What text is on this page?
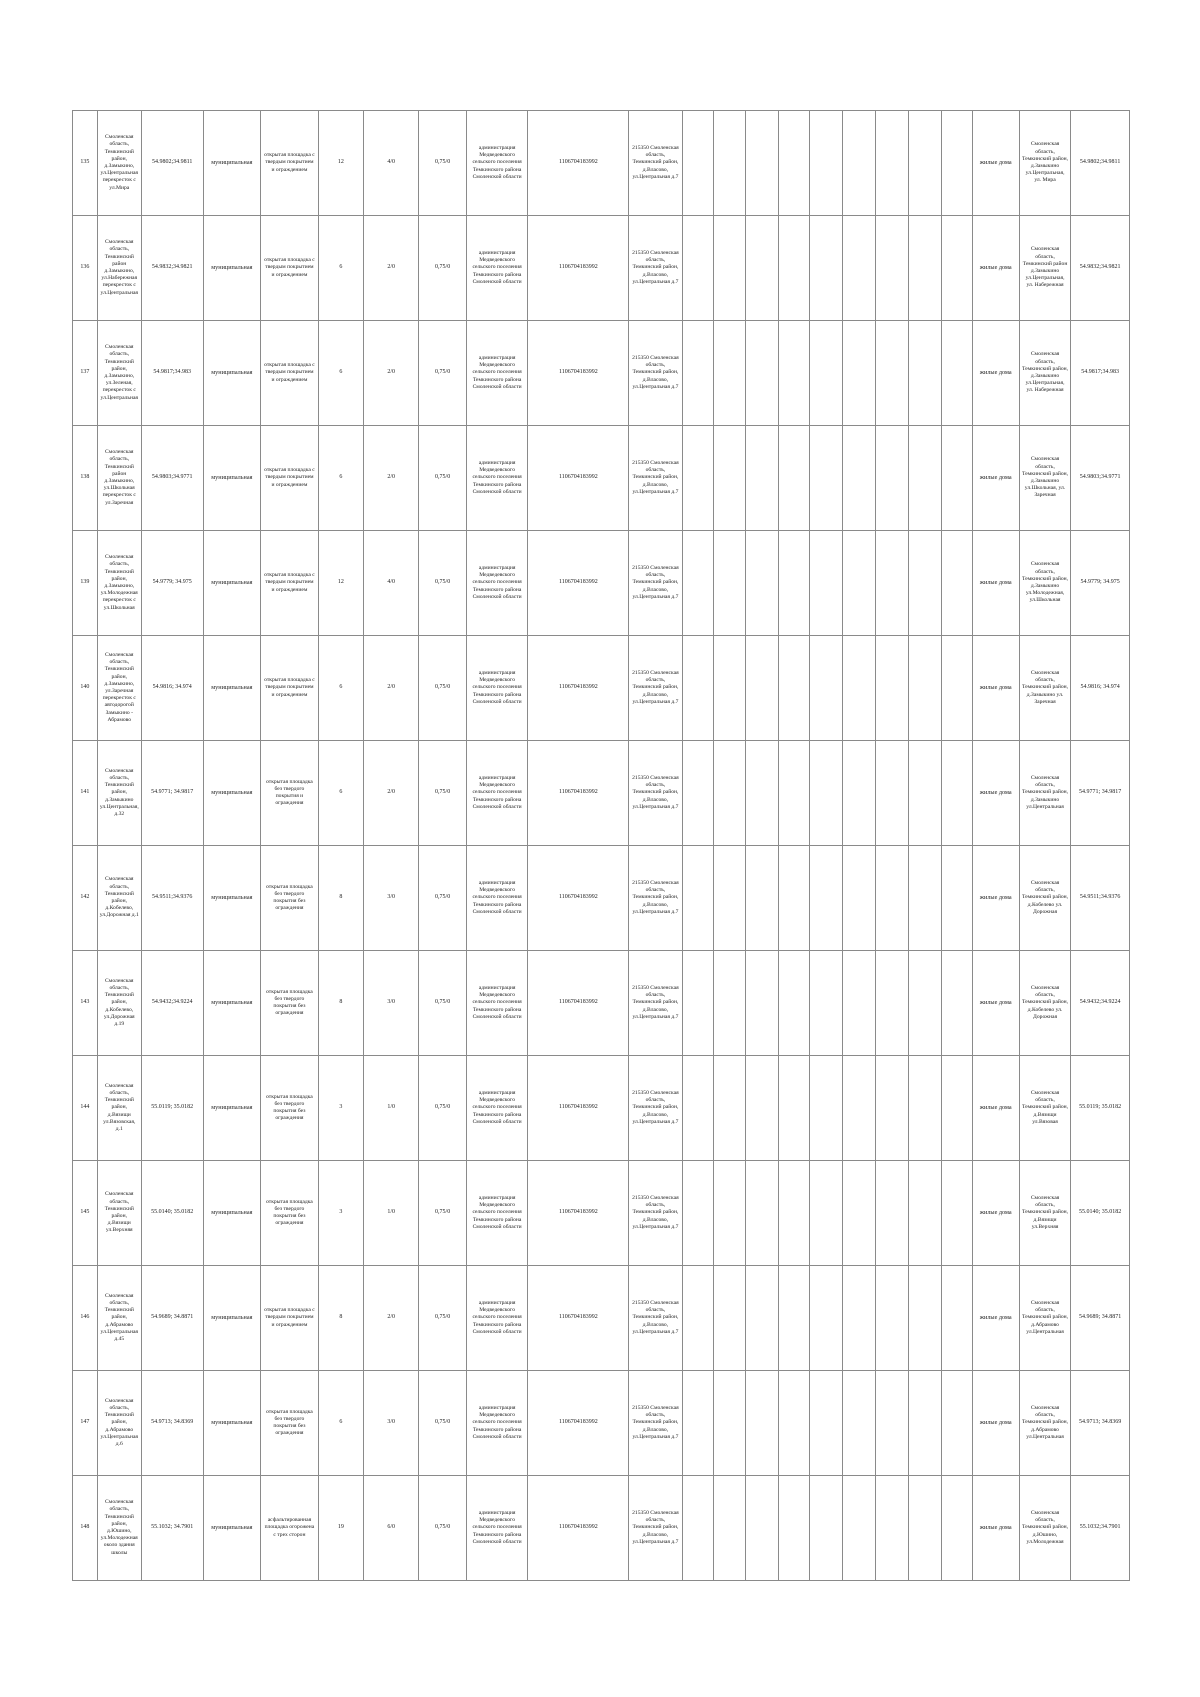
135	Смоленская область, Темкинский район, д.Замыкино, ул.Центральная перекресток с ул.Мира	54.9802;34.9811	муниципальная	открытая площадка с твердым покрытием и ограждением	12	4/0	0,75/0	администрация Медведевского сельского поселения Темкинского района Смоленской области	1106704183992	215350 Смоленская область, Темкинский район, д.Власово, ул.Центральная д.7										жилые дома	Смоленская область, Темкинский район, д.Замыкино ул.Центральная, ул. Мира	54.9802;34.9811
136	Смоленская область, Темкинский район д.Замыкино, ул.Набережная перекресток с ул.Центральная	54.9832;34.9821	муниципальная	открытая площадка с твердым покрытием и ограждением	6	2/0	0,75/0	администрация Медведевского сельского поселения Темкинского района Смоленской области	1106704183992	215350 Смоленская область, Темкинский район, д.Власово, ул.Центральная д.7										жилые дома	Смоленская область, Темкинский район д.Замыкино ул.Центральная, ул. Набережная	54.9832;34.9821
137	Смоленская область, Темкинский район, д.Замыкино, ул.Зеленая, перекресток с ул.Центральная	54.9817;34.983	муниципальная	открытая площадка с твердым покрытием и ограждением	6	2/0	0,75/0	администрация Медведевского сельского поселения Темкинского района Смоленской области	1106704183992	215350 Смоленская область, Темкинский район, д.Власово, ул.Центральная д.7										жилые дома	Смоленская область, Темкинский район, д.Замыкино ул.Центральная, ул. Набережная	54.9817;34.983
138	Смоленская область, Темкинский район д.Замыкино, ул.Школьная перекресток с ул.Заречная	54.9803;34.9771	муниципальная	открытая площадка с твердым покрытием и ограждением	6	2/0	0,75/0	администрация Медведевского сельского поселения Темкинского района Смоленской области	1106704183992	215350 Смоленская область, Темкинский район, д.Власово, ул.Центральная д.7										жилые дома	Смоленская область, Темкинский район, д.Замыкино ул.Школьная, ул. Заречная	54.9803;34.9771
139	Смоленская область, Темкинский район, д.Замыкино, ул.Молодежная перекресток с ул.Школьная	54.9779; 34.975	муниципальная	открытая площадка с твердым покрытием и ограждением	12	4/0	0,75/0	администрация Медведевского сельского поселения Темкинского района Смоленской области	1106704183992	215350 Смоленская область, Темкинский район, д.Власово, ул.Центральная д.7										жилые дома	Смоленская область, Темкинский район, д.Замыкино ул.Молодежная, ул.Школьная	54.9779; 34.975
140	Смоленская область, Темкинский район, д.Замыкино, ул.Заречная перекресток с автодорогой Замыкино - Абрамово	54.9816; 34.974	муниципальная	открытая площадка с твердым покрытием и ограждением	6	2/0	0,75/0	администрация Медведевского сельского поселения Темкинского района Смоленской области	1106704183992	215350 Смоленская область, Темкинский район, д.Власово, ул.Центральная д.7										жилые дома	Смоленская область, Темкинский район, д.Замыкино ул. Заречная	54.9816; 34.974
141	Смоленская область, Темкинский район, д.Замыкино ул.Центральная, д.32	54.9771; 34.9817	муниципальная	открытая площадка без твердого покрытия и ограждения	6	2/0	0,75/0	администрация Медведевского сельского поселения Темкинского района Смоленской области	1106704183992	215350 Смоленская область, Темкинский район, д.Власово, ул.Центральная д.7										жилые дома	Смоленская область, Темкинский район, д.Замыкино ул.Центральная	54.9771; 34.9817
142	Смоленская область, Темкинский район, д.Кобелево, ул.Дорожная д.1	54.9511;34.9376	муниципальная	открытая площадка без твердого покрытия без ограждения	8	3/0	0,75/0	администрация Медведевского сельского поселения Темкинского района Смоленской области	1106704183992	215350 Смоленская область, Темкинский район, д.Власово, ул.Центральная д.7										жилые дома	Смоленская область, Темкинский район, д.Кобелево ул. Дорожная	54.9511;34.9376
143	Смоленская область, Темкинский район, д.Кобелево, ул.Дорожная д.19	54.9432;34.9224	муниципальная	открытая площадка без твердого покрытия без ограждения	8	3/0	0,75/0	администрация Медведевского сельского поселения Темкинского района Смоленской области	1106704183992	215350 Смоленская область, Темкинский район, д.Власово, ул.Центральная д.7										жилые дома	Смоленская область, Темкинский район, д.Кобелево ул. Дорожная	54.9432;34.9224
144	Смоленская область, Темкинский район, д.Вязищи ул.Вязовская, д.1	55.0119; 35.0182	муниципальная	открытая площадка без твердого покрытия без ограждения	3	1/0	0,75/0	администрация Медведевского сельского поселения Темкинского района Смоленской области	1106704183992	215350 Смоленская область, Темкинский район, д.Власово, ул.Центральная д.7										жилые дома	Смоленская область, Темкинский район, д.Вязищи ул.Вязовая	55.0119; 35.0182
145	Смоленская область, Темкинский район, д.Вязищи ул.Верхняя	55.0140; 35.0182	муниципальная	открытая площадка без твердого покрытия без ограждения	3	1/0	0,75/0	администрация Медведевского сельского поселения Темкинского района Смоленской области	1106704183992	215350 Смоленская область, Темкинский район, д.Власово, ул.Центральная д.7										жилые дома	Смоленская область, Темкинский район, д.Вязищи ул.Верхняя	55.0140; 35.0182
146	Смоленская область, Темкинский район, д.Абрамово ул.Центральная д.45	54.9689; 34.8871	муниципальная	открытая площадка с твердым покрытием и ограждением	8	2/0	0,75/0	администрация Медведевского сельского поселения Темкинского района Смоленской области	1106704183992	215350 Смоленская область, Темкинский район, д.Власово, ул.Центральная д.7										жилые дома	Смоленская область, Темкинский район, д.Абрамово ул.Центральная	54.9689; 34.8871
147	Смоленская область, Темкинский район, д.Абрамово ул.Центральная д.6	54.9713; 34.8369	муниципальная	открытая площадка без твердого покрытия без ограждения	6	3/0	0,75/0	администрация Медведевского сельского поселения Темкинского района Смоленской области	1106704183992	215350 Смоленская область, Темкинский район, д.Власово, ул.Центральная д.7										жилые дома	Смоленская область, Темкинский район, д.Абрамово ул.Центральная	54.9713; 34.8369
148	Смоленская область, Темкинский район, д.Юшино, ул.Молодежная около здания школы	55.1032; 34.7901	муниципальная	асфальтированная площадка огорожена с трех сторон	19	6/0	0,75/0	администрация Медведевского сельского поселения Темкинского района Смоленской области	1106704183992	215350 Смоленская область, Темкинский район, д.Власово, ул.Центральная д.7										жилые дома	Смоленская область, Темкинский район, д.Юшино, ул.Молодежная	55.1032;34.7901
